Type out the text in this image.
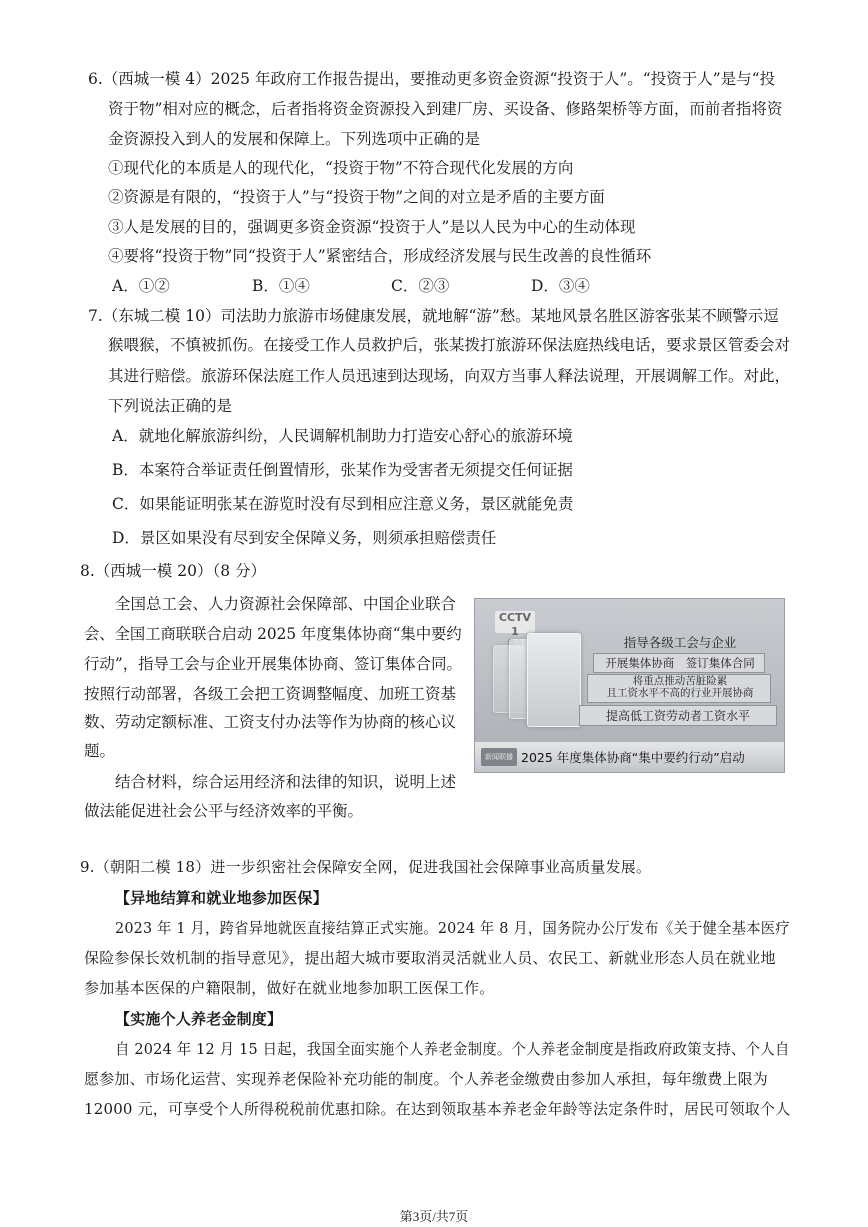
6.（西城一模 4）2025 年政府工作报告提出，要推动更多资金资源“投资于人”。“投资于人”是与“投
资于物”相对应的概念，后者指将资金资源投入到建厂房、买设备、修路架桥等方面，而前者指将资
金资源投入到人的发展和保障上。下列选项中正确的是
①现代化的本质是人的现代化，“投资于物”不符合现代化发展的方向
②资源是有限的，“投资于人”与“投资于物”之间的对立是矛盾的主要方面
③人是发展的目的，强调更多资金资源“投资于人”是以人民为中心的生动体现
④要将“投资于物”同“投资于人”紧密结合，形成经济发展与民生改善的良性循环
A．①②	B．①④	C．②③	D．③④
7.（东城二模 10）司法助力旅游市场健康发展，就地解“游”愁。某地风景名胜区游客张某不顾警示逗
猴喂猴，不慎被抓伤。在接受工作人员救护后，张某拨打旅游环保法庭热线电话，要求景区管委会对
其进行赔偿。旅游环保法庭工作人员迅速到达现场，向双方当事人释法说理，开展调解工作。对此，
下列说法正确的是
A．就地化解旅游纠纷，人民调解机制助力打造安心舒心的旅游环境
B．本案符合举证责任倒置情形，张某作为受害者无须提交任何证据
C．如果能证明张某在游览时没有尽到相应注意义务，景区就能免责
D．景区如果没有尽到安全保障义务，则须承担赔偿责任
8.（西城一模 20）（8 分）
全国总工会、人力资源社会保障部、中国企业联合
会、全国工商联联合启动 2025 年度集体协商“集中要约
行动”，指导工会与企业开展集体协商、签订集体合同。
按照行动部署，各级工会把工资调整幅度、加班工资基
数、劳动定额标准、工资支付办法等作为协商的核心议
题。
结合材料，综合运用经济和法律的知识，说明上述
做法能促进社会公平与经济效率的平衡。
CCTV 1
指导各级工会与企业
开展集体协商　签订集体合同
将重点推动苦脏险累
且工资水平不高的行业开展协商
提高低工资劳动者工资水平
新闻联播 2025 年度集体协商“集中要约行动”启动
9.（朝阳二模 18）进一步织密社会保障安全网，促进我国社会保障事业高质量发展。
【异地结算和就业地参加医保】
2023 年 1 月，跨省异地就医直接结算正式实施。2024 年 8 月，国务院办公厅发布《关于健全基本医疗
保险参保长效机制的指导意见》，提出超大城市要取消灵活就业人员、农民工、新就业形态人员在就业地
参加基本医保的户籍限制，做好在就业地参加职工医保工作。
【实施个人养老金制度】
自 2024 年 12 月 15 日起，我国全面实施个人养老金制度。个人养老金制度是指政府政策支持、个人自
愿参加、市场化运营、实现养老保险补充功能的制度。个人养老金缴费由参加人承担，每年缴费上限为
12000 元，可享受个人所得税税前优惠扣除。在达到领取基本养老金年龄等法定条件时，居民可领取个人
第3页/共7页
